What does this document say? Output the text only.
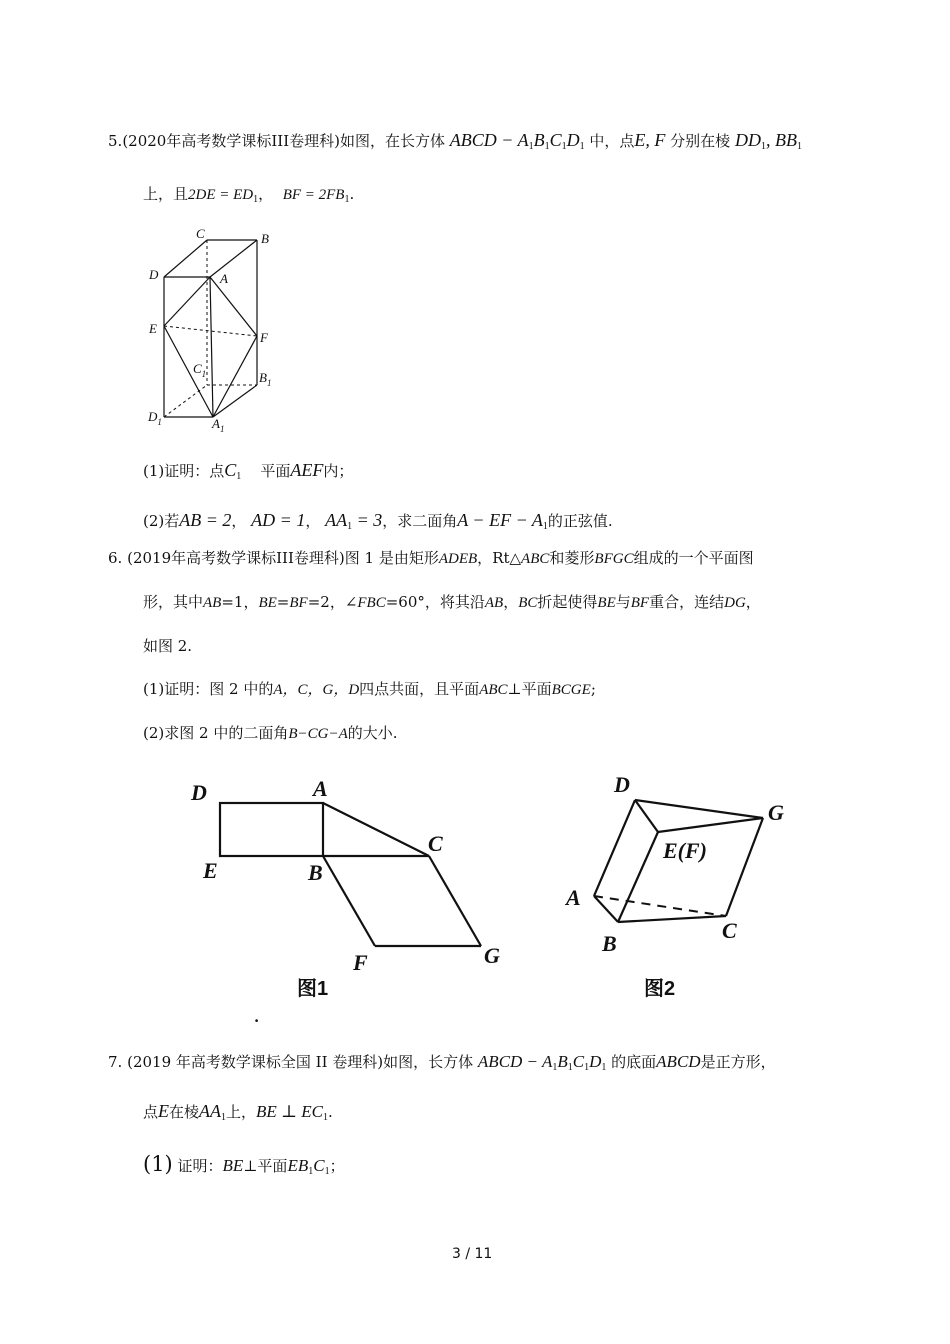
5.(2020年高考数学课标III卷理科)如图，在长方体 ABCD − $A_1B_1C_1D_1$ 中，点E, F 分别在棱 $DD_1$, $BB_1$
上，且$2DE = ED_1$，  BF = $2FB_1$.
C	B
D	A
E
F
$C_1$	$B_1$
$D_1$	$A_1$
(1)证明：点$C_1$ 平面AEF内；
(2)若AB = 2， AD = 1， $AA_1 = 3$，求二面角A − EF − $A_1$的正弦值.
6. (2019年高考数学课标III卷理科)图 1 是由矩形ADEB，Rt△ABC和菱形BFGC组成的一个平面图
形，其中AB=1，BE=BF=2，∠FBC=60°，将其沿AB，BC折起使得BE与BF重合，连结DG，
如图 2.
(1)证明：图 2 中的A，C，G，D四点共面，且平面ABC⊥平面BCGE;
(2)求图 2 中的二面角B−CG−A的大小.
D	A
C
E	B
F	G
图1
D
G
E(F)
A
C
B
图2
.
7. (2019 年高考数学课标全国 II 卷理科)如图，长方体 ABCD − $A_1B_1C_1D_1$ 的底面ABCD是正方形，
点E在棱$AA_1$上，BE ⊥ $EC_1$.
(1) 证明：BE⊥平面$EB_1C_1$；
3 / 11
